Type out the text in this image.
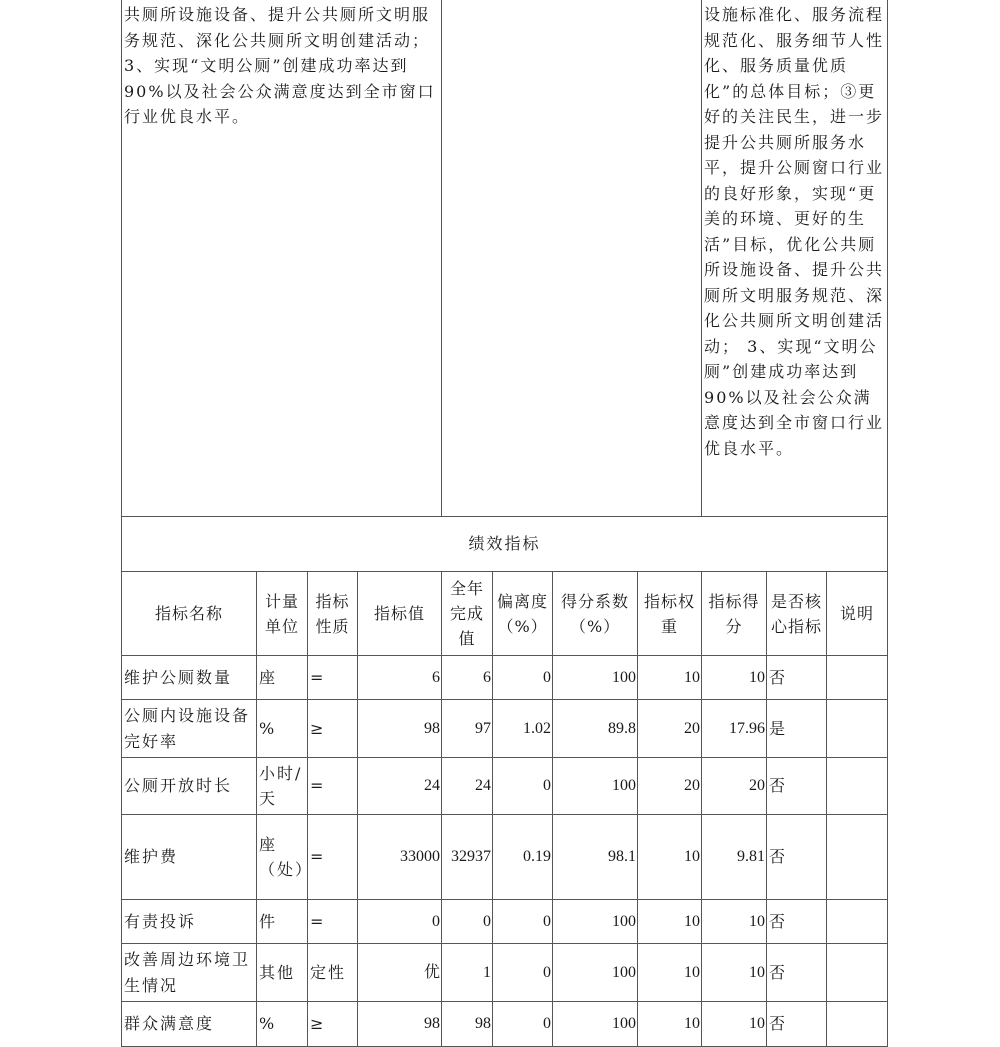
共厕所设施设备、提升公共厕所文明服务规范、深化公共厕所文明创建活动；3、实现“文明公厕”创建成功率达到90%以及社会公众满意度达到全市窗口行业优良水平。								设施标准化、服务流程规范化、服务细节人性化、服务质量优质化”的总体目标；③更好的关注民生，进一步提升公共厕所服务水平，提升公厕窗口行业的良好形象，实现“更美的环境、更好的生活”目标，优化公共厕所设施设备、提升公共厕所文明服务规范、深化公共厕所文明创建活动； 3、实现“文明公厕”创建成功率达到 90%以及社会公众满意度达到全市窗口行业优良水平。		
绩效指标										
指标名称	计量单位	指标性质	指标值	全年完成值	偏离度（%）	得分系数（%）	指标权重	指标得分	是否核心指标	说明
维护公厕数量	座	=	6	6	0	100	10	10	否	
公厕内设施设备完好率	%	≥	98	97	1.02	89.8	20	17.96	是	
公厕开放时长	小时/天	=	24	24	0	100	20	20	否	
维护费	座（处）	=	33000	32937	0.19	98.1	10	9.81	否	
有责投诉	件	=	0	0	0	100	10	10	否	
改善周边环境卫生情况	其他	定性	优	1	0	100	10	10	否	
群众满意度	%	≥	98	98	0	100	10	10	否	
